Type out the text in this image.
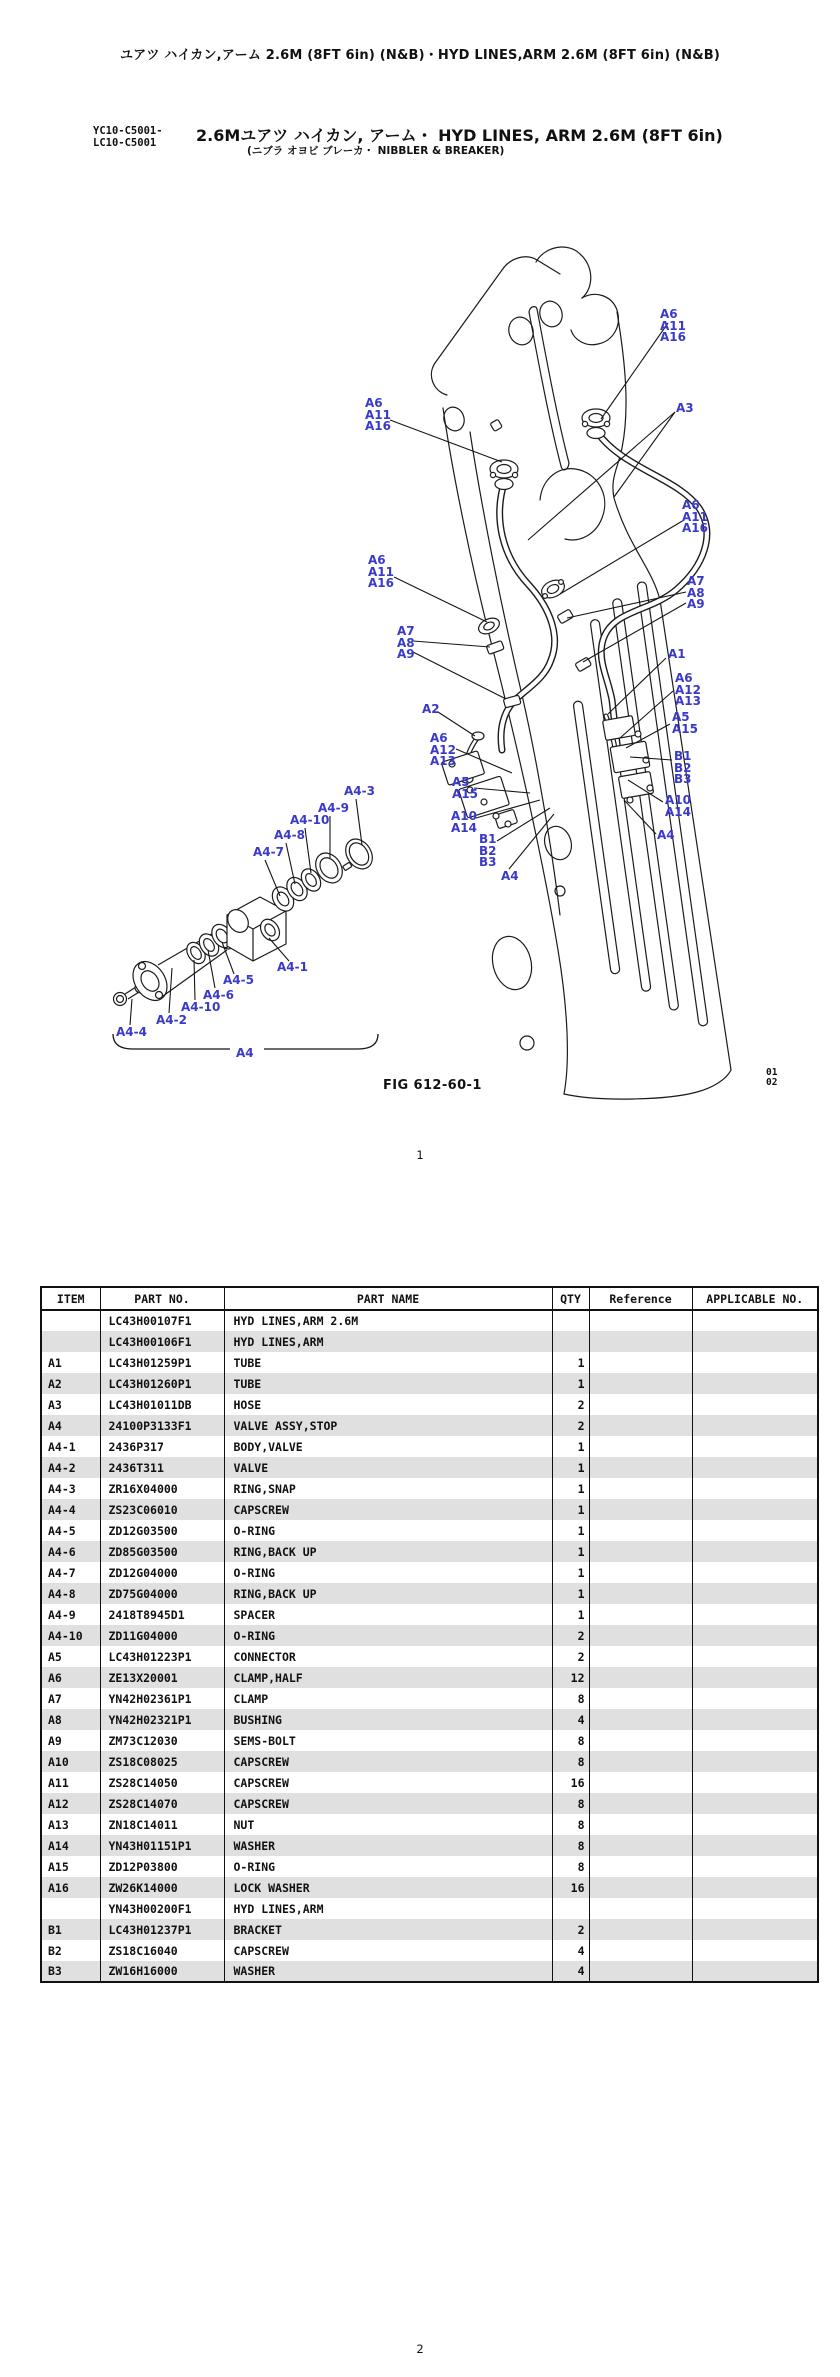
ユアツ ハイカン,アーム 2.6M (8FT 6in) (N&B)・HYD LINES,ARM 2.6M (8FT 6in) (N&B)
YC10-C5001-
LC10-C5001	2.6Mユアツ ハイカン, アーム・ HYD LINES, ARM 2.6M (8FT 6in)
(ニブラ オヨビ ブレーカ・ NIBBLER & BREAKER)
A6
A11
A16
A3
A6
A11
A16
A7
A8
A9
A6
A11
A16
A6
A11
A16
A7
A8
A9
A2
A6
A12
A13
A5
A15
A10
A14
B1
B2
B3
A4
A1
A6
A12
A13
A5
A15
B1
B2
B3
A10
A14
A4
A4-3
A4-9
A4-10
A4-8
A4-7
A4-1
A4-5
A4-6
A4-10
A4-2
A4-4
A4
FIG 612-60-1
01
02
1
ITEM	PART NO.	PART NAME	QTY	Reference	APPLICABLE NO.
	LC43H00107F1	HYD LINES,ARM 2.6M			
	LC43H00106F1	HYD LINES,ARM			
A1	LC43H01259P1	TUBE	1		
A2	LC43H01260P1	TUBE	1		
A3	LC43H01011DB	HOSE	2		
A4	24100P3133F1	VALVE ASSY,STOP	2		
A4-1	2436P317	BODY,VALVE	1		
A4-2	2436T311	VALVE	1		
A4-3	ZR16X04000	RING,SNAP	1		
A4-4	ZS23C06010	CAPSCREW	1		
A4-5	ZD12G03500	O-RING	1		
A4-6	ZD85G03500	RING,BACK UP	1		
A4-7	ZD12G04000	O-RING	1		
A4-8	ZD75G04000	RING,BACK UP	1		
A4-9	2418T8945D1	SPACER	1		
A4-10	ZD11G04000	O-RING	2		
A5	LC43H01223P1	CONNECTOR	2		
A6	ZE13X20001	CLAMP,HALF	12		
A7	YN42H02361P1	CLAMP	8		
A8	YN42H02321P1	BUSHING	4		
A9	ZM73C12030	SEMS-BOLT	8		
A10	ZS18C08025	CAPSCREW	8		
A11	ZS28C14050	CAPSCREW	16		
A12	ZS28C14070	CAPSCREW	8		
A13	ZN18C14011	NUT	8		
A14	YN43H01151P1	WASHER	8		
A15	ZD12P03800	O-RING	8		
A16	ZW26K14000	LOCK WASHER	16		
	YN43H00200F1	HYD LINES,ARM			
B1	LC43H01237P1	BRACKET	2		
B2	ZS18C16040	CAPSCREW	4		
B3	ZW16H16000	WASHER	4		
2
